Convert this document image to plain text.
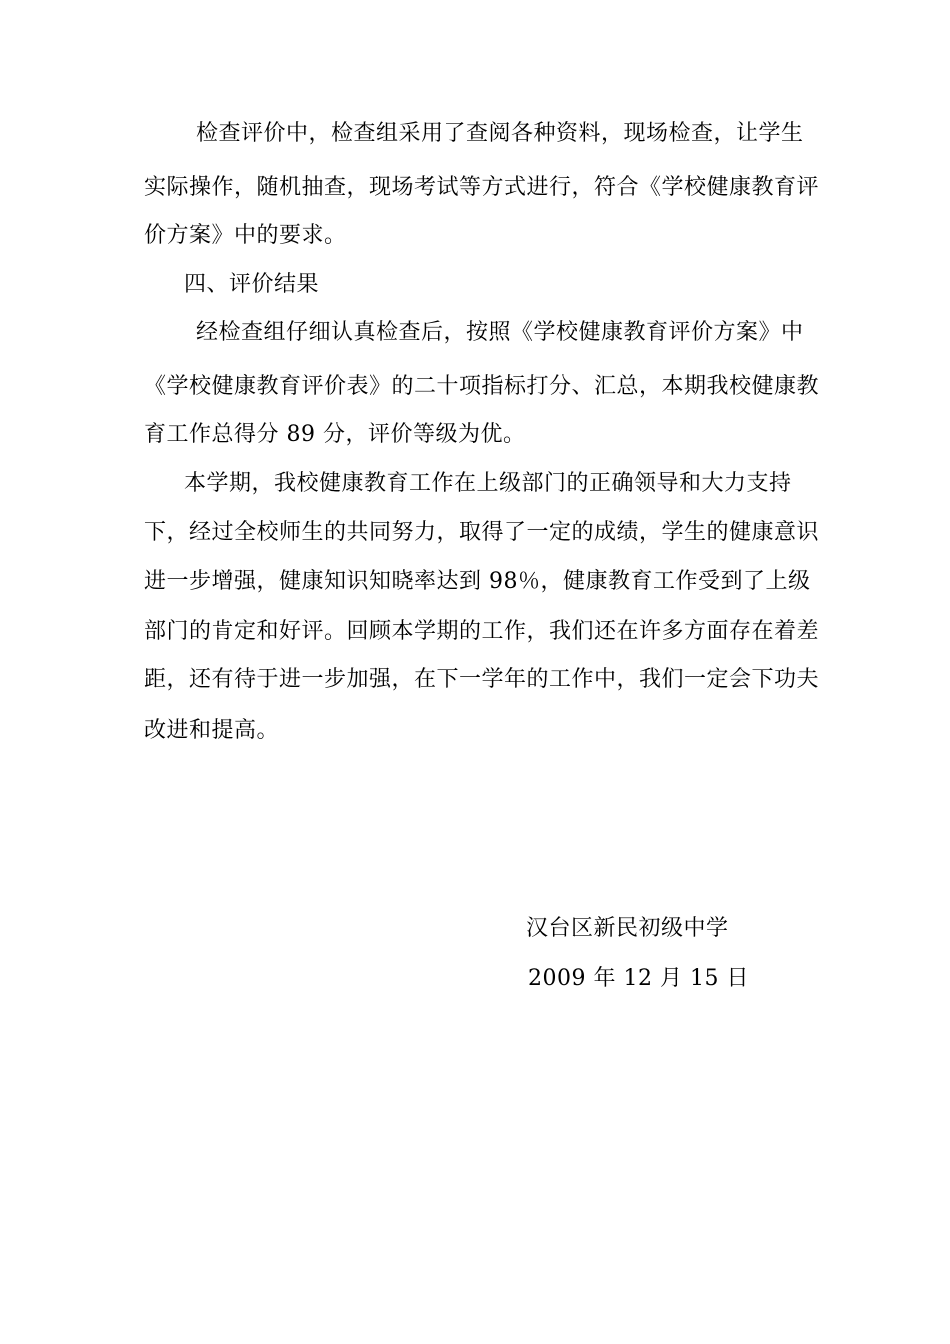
检查评价中，检查组采用了查阅各种资料，现场检查，让学生
实际操作，随机抽查，现场考试等方式进行，符合《学校健康教育评
价方案》中的要求。
四、评价结果
经检查组仔细认真检查后，按照《学校健康教育评价方案》中
《学校健康教育评价表》的二十项指标打分、汇总，本期我校健康教
育工作总得分 89 分，评价等级为优。
本学期，我校健康教育工作在上级部门的正确领导和大力支持
下，经过全校师生的共同努力，取得了一定的成绩，学生的健康意识
进一步增强，健康知识知晓率达到 98％，健康教育工作受到了上级
部门的肯定和好评。回顾本学期的工作，我们还在许多方面存在着差
距，还有待于进一步加强，在下一学年的工作中，我们一定会下功夫
改进和提高。
汉台区新民初级中学
2009 年 12 月 15 日
